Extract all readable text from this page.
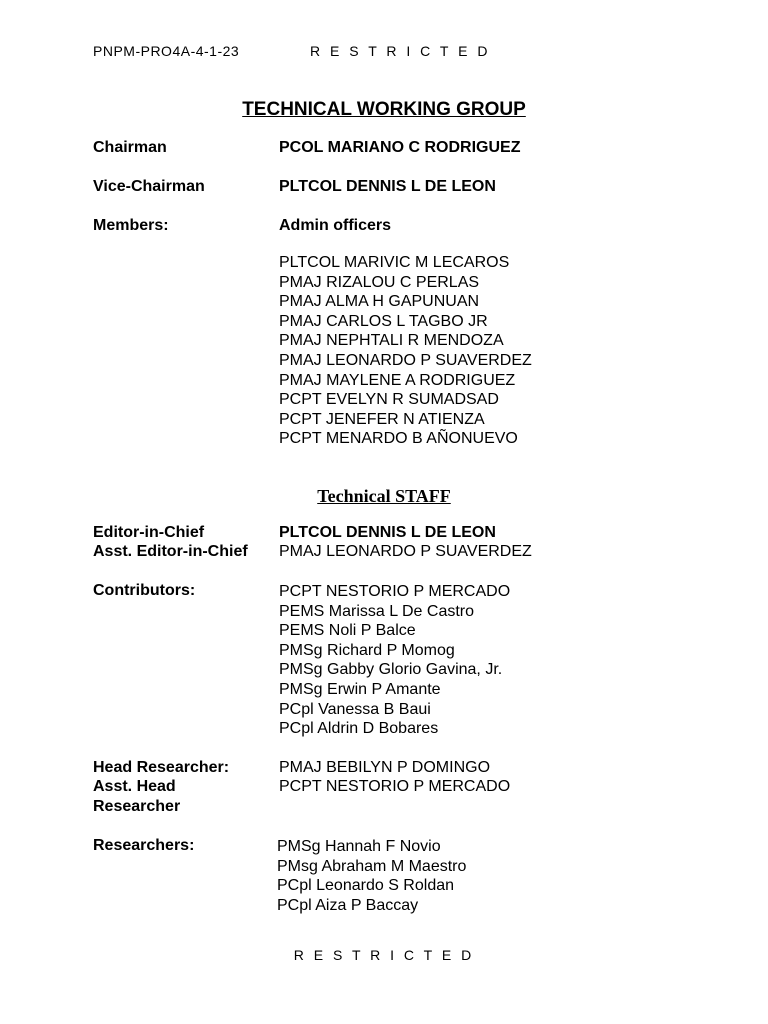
PNPM-PRO4A-4-1-23	R E S T R I C T E D
TECHNICAL WORKING GROUP
Chairman	PCOL MARIANO C RODRIGUEZ
Vice-Chairman	PLTCOL DENNIS L DE LEON
Members:	Admin officers
PLTCOL MARIVIC M LECAROS
PMAJ RIZALOU C PERLAS
PMAJ ALMA H GAPUNUAN
PMAJ CARLOS L TAGBO JR
PMAJ NEPHTALI R MENDOZA
PMAJ LEONARDO P SUAVERDEZ
PMAJ MAYLENE A RODRIGUEZ
PCPT EVELYN R SUMADSAD
PCPT JENEFER N ATIENZA
PCPT MENARDO B AÑONUEVO
Technical STAFF
Editor-in-Chief	PLTCOL DENNIS L DE LEON
Asst. Editor-in-Chief PMAJ LEONARDO P SUAVERDEZ
Contributors:	PCPT NESTORIO P MERCADO
PEMS Marissa L De Castro
PEMS Noli P Balce
PMSg Richard P Momog
PMSg Gabby Glorio Gavina, Jr.
PMSg Erwin P Amante
PCpl Vanessa B Baui
PCpl Aldrin D Bobares
Head Researcher:	PMAJ BEBILYN P DOMINGO
Asst. Head	PCPT NESTORIO P MERCADO
Researcher
Researchers:	PMSg Hannah F Novio
PMsg Abraham M Maestro
PCpl Leonardo S Roldan
PCpl Aiza P Baccay
R E S T R I C T E D
